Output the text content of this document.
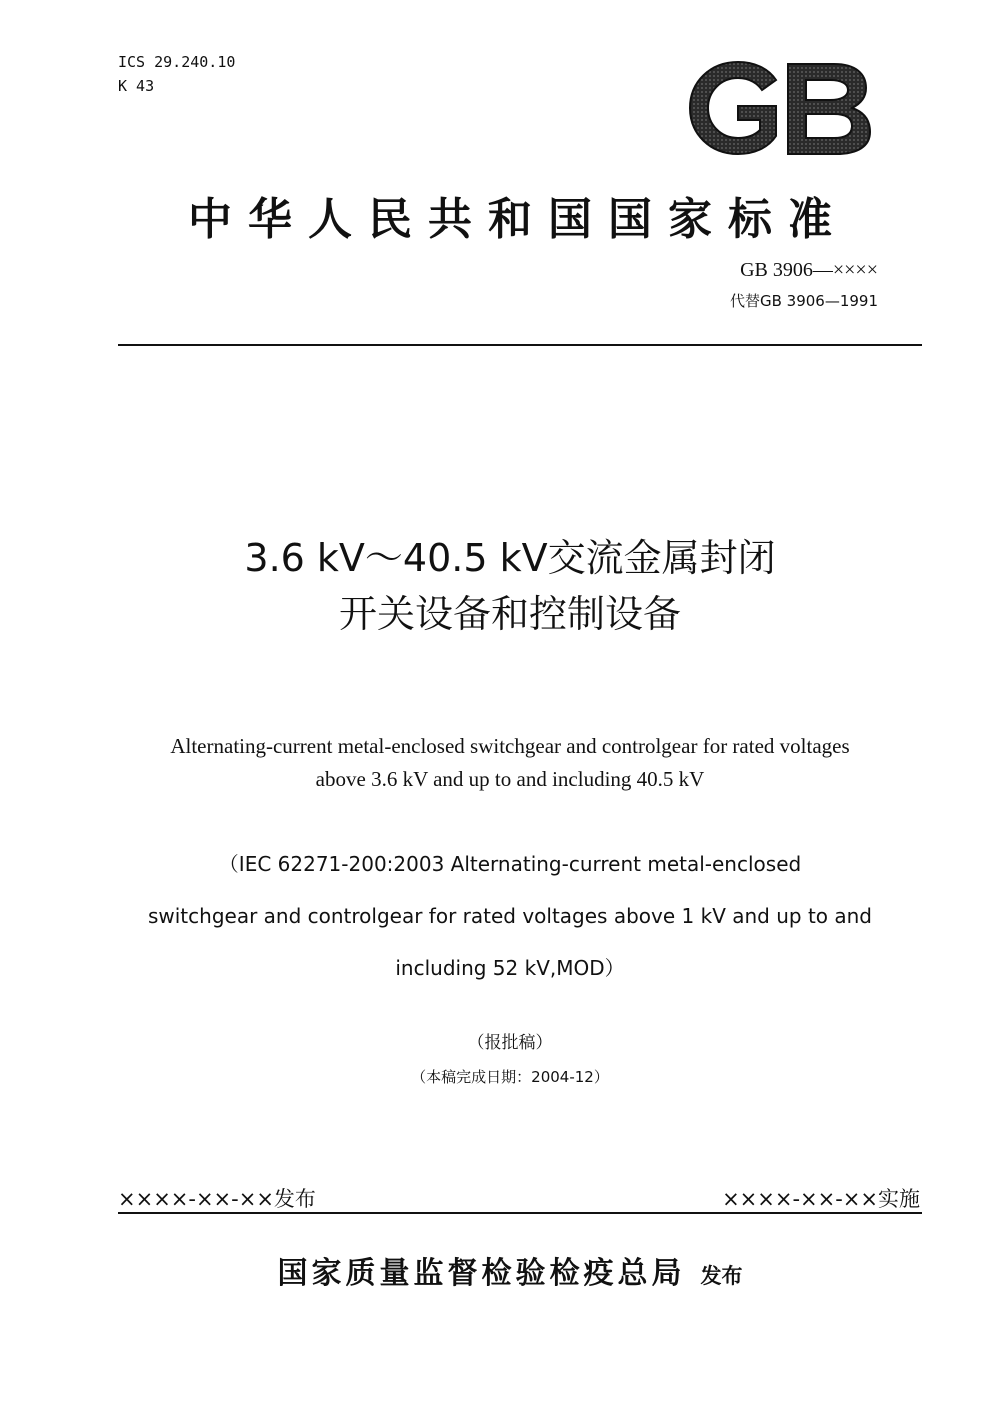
ICS 29.240.10
K 43
中华人民共和国国家标准
GB 3906—××××
代替GB 3906—1991
3.6 kV～40.5 kV交流金属封闭
开关设备和控制设备
Alternating-current metal-enclosed switchgear and controlgear for rated voltages
above 3.6 kV and up to and including 40.5 kV
（IEC 62271-200:2003 Alternating-current metal-enclosed
switchgear and controlgear for rated voltages above 1 kV and up to and
including 52 kV,MOD）
（报批稿）
（本稿完成日期：2004-12）
××××-××-××发布	××××-××-××实施
国家质量监督检验检疫总局 发布
